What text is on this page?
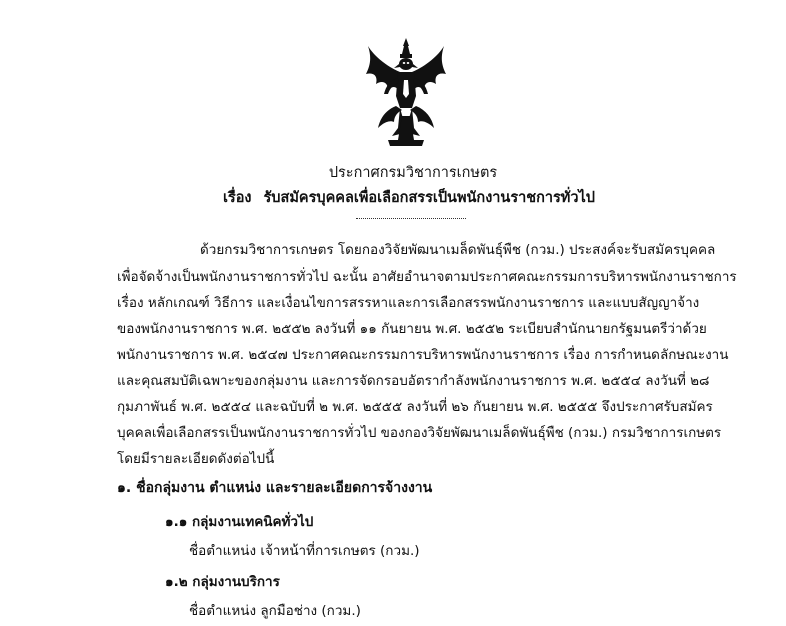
ประกาศกรมวิชาการเกษตร
เรื่อง รับสมัครบุคคลเพื่อเลือกสรรเป็นพนักงานราชการทั่วไป
ด้วยกรมวิชาการเกษตร โดยกองวิจัยพัฒนาเมล็ดพันธุ์พืช (กวม.) ประสงค์จะรับสมัครบุคคล
เพื่อจัดจ้างเป็นพนักงานราชการทั่วไป ฉะนั้น อาศัยอำนาจตามประกาศคณะกรรมการบริหารพนักงานราชการ
เรื่อง หลักเกณฑ์ วิธีการ และเงื่อนไขการสรรหาและการเลือกสรรพนักงานราชการ และแบบสัญญาจ้าง
ของพนักงานราชการ พ.ศ. ๒๕๕๒ ลงวันที่ ๑๑ กันยายน พ.ศ. ๒๕๕๒ ระเบียบสำนักนายกรัฐมนตรีว่าด้วย
พนักงานราชการ พ.ศ. ๒๕๔๗ ประกาศคณะกรรมการบริหารพนักงานราชการ เรื่อง การกำหนดลักษณะงาน
และคุณสมบัติเฉพาะของกลุ่มงาน และการจัดกรอบอัตรากำลังพนักงานราชการ พ.ศ. ๒๕๕๔ ลงวันที่ ๒๘
กุมภาพันธ์ พ.ศ. ๒๕๕๔ และฉบับที่ ๒ พ.ศ. ๒๕๕๕ ลงวันที่ ๒๖ กันยายน พ.ศ. ๒๕๕๕ จึงประกาศรับสมัคร
บุคคลเพื่อเลือกสรรเป็นพนักงานราชการทั่วไป ของกองวิจัยพัฒนาเมล็ดพันธุ์พืช (กวม.) กรมวิชาการเกษตร
โดยมีรายละเอียดดังต่อไปนี้
๑. ชื่อกลุ่มงาน ตำแหน่ง และรายละเอียดการจ้างงาน
๑.๑ กลุ่มงานเทคนิคทั่วไป
ชื่อตำแหน่ง เจ้าหน้าที่การเกษตร (กวม.)
๑.๒ กลุ่มงานบริการ
ชื่อตำแหน่ง ลูกมือช่าง (กวม.)
